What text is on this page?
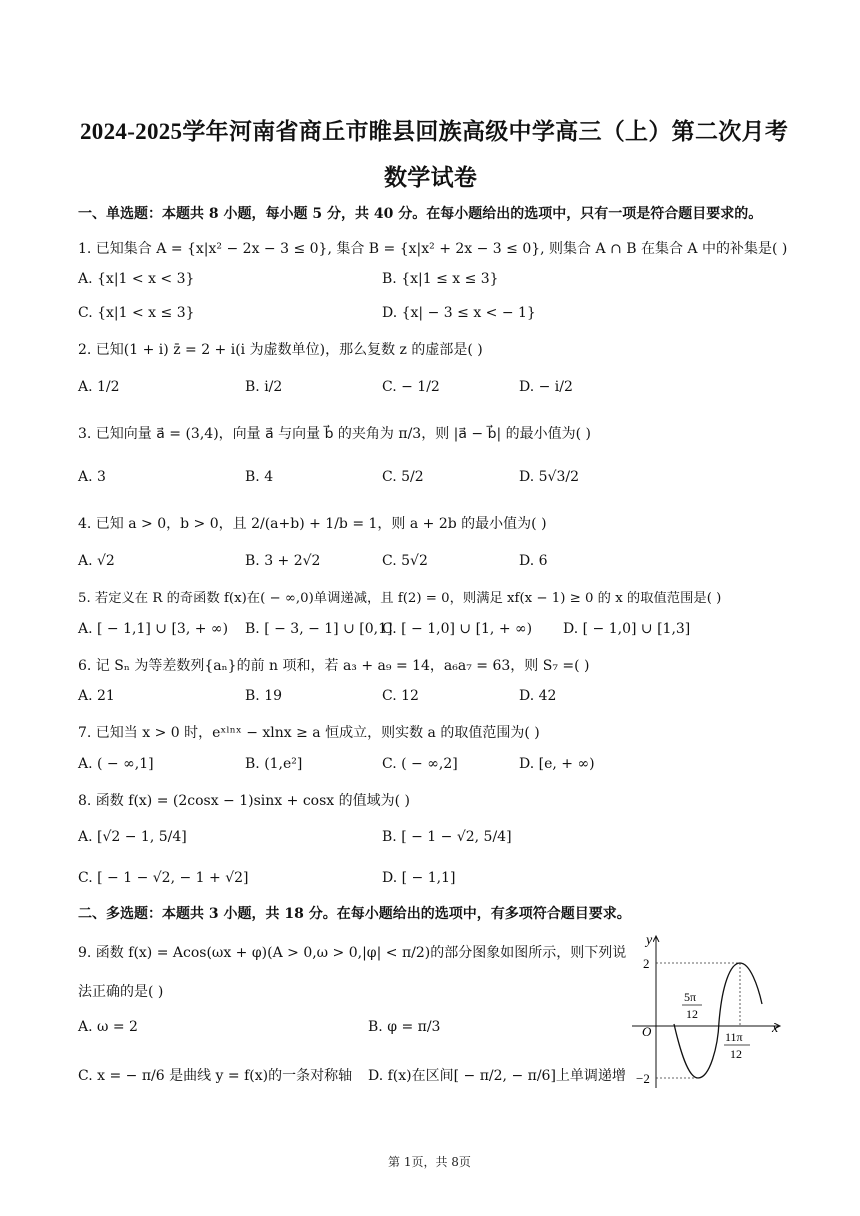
2024-2025学年河南省商丘市睢县回族高级中学高三（上）第二次月考
数学试卷
一、单选题：本题共 8 小题，每小题 5 分，共 40 分。在每小题给出的选项中，只有一项是符合题目要求的。
1. 已知集合 A = {x|x² − 2x − 3 ≤ 0}, 集合 B = {x|x² + 2x − 3 ≤ 0}, 则集合 A ∩ B 在集合 A 中的补集是( )
A. {x|1 < x < 3}	B. {x|1 ≤ x ≤ 3}
C. {x|1 < x ≤ 3}	D. {x| − 3 ≤ x < − 1}
2. 已知(1 + i) z̄ = 2 + i(i 为虚数单位)，那么复数 z 的虚部是( )
A. 1/2	B. i/2	C. − 1/2	D. − i/2
3. 已知向量 a⃗ = (3,4)，向量 a⃗ 与向量 b⃗ 的夹角为 π/3，则 |a⃗ − b⃗| 的最小值为( )
A. 3	B. 4	C. 5/2	D. 5√3/2
4. 已知 a > 0，b > 0，且 2/(a+b) + 1/b = 1，则 a + 2b 的最小值为( )
A. √2	B. 3 + 2√2	C. 5√2	D. 6
5. 若定义在 R 的奇函数 f(x)在( − ∞,0)单调递减，且 f(2) = 0，则满足 xf(x − 1) ≥ 0 的 x 的取值范围是( )
A. [ − 1,1] ∪ [3, + ∞) B. [ − 3, − 1] ∪ [0,1]
C. [ − 1,0] ∪ [1, + ∞) D. [ − 1,0] ∪ [1,3]
6. 记 Sₙ 为等差数列{aₙ}的前 n 项和，若 a₃ + a₉ = 14，a₆a₇ = 63，则 S₇ =( )
A. 21	B. 19	C. 12	D. 42
7. 已知当 x > 0 时，eˣˡⁿˣ − xlnx ≥ a 恒成立，则实数 a 的取值范围为( )
A. ( − ∞,1]	B. (1,e²]	C. ( − ∞,2]	D. [e, + ∞)
8. 函数 f(x) = (2cosx − 1)sinx + cosx 的值域为( )
A. [√2 − 1, 5/4]	B. [ − 1 − √2, 5/4]
C. [ − 1 − √2, − 1 + √2]	D. [ − 1,1]
二、多选题：本题共 3 小题，共 18 分。在每小题给出的选项中，有多项符合题目要求。
9. 函数 f(x) = Acos(ωx + φ)(A > 0,ω > 0,|φ| < π/2)的部分图象如图所示，则下列说
法正确的是( )
A. ω = 2	B. φ = π/3
C. x = − π/6 是曲线 y = f(x)的一条对称轴 D. f(x)在区间[ − π/2, − π/6]上单调递增
y
x
O
2
−2
5π
12
11π
12
第 1页，共 8页
